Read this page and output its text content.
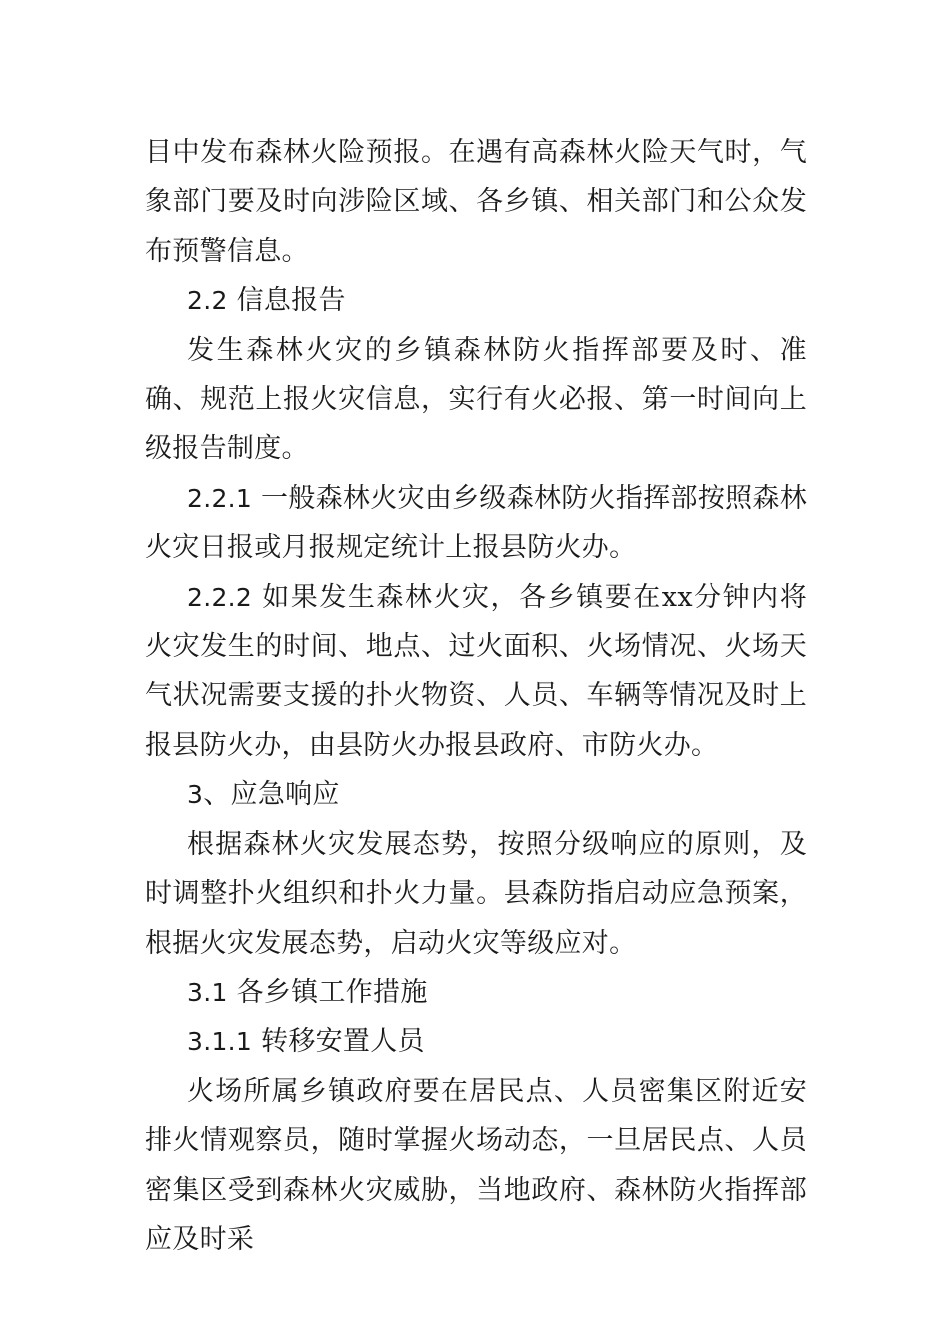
目中发布森林火险预报。在遇有高森林火险天气时，气象部门要及时向涉险区域、各乡镇、相关部门和公众发布预警信息。

2.2 信息报告

发生森林火灾的乡镇森林防火指挥部要及时、准确、规范上报火灾信息，实行有火必报、第一时间向上级报告制度。

2.2.1 一般森林火灾由乡级森林防火指挥部按照森林火灾日报或月报规定统计上报县防火办。

2.2.2 如果发生森林火灾，各乡镇要在xx分钟内将火灾发生的时间、地点、过火面积、火场情况、火场天气状况需要支援的扑火物资、人员、车辆等情况及时上报县防火办，由县防火办报县政府、市防火办。

3、应急响应

根据森林火灾发展态势，按照分级响应的原则，及时调整扑火组织和扑火力量。县森防指启动应急预案，根据火灾发展态势，启动火灾等级应对。

3.1 各乡镇工作措施

3.1.1 转移安置人员

火场所属乡镇政府要在居民点、人员密集区附近安排火情观察员，随时掌握火场动态，一旦居民点、人员密集区受到森林火灾威胁，当地政府、森林防火指挥部应及时采
